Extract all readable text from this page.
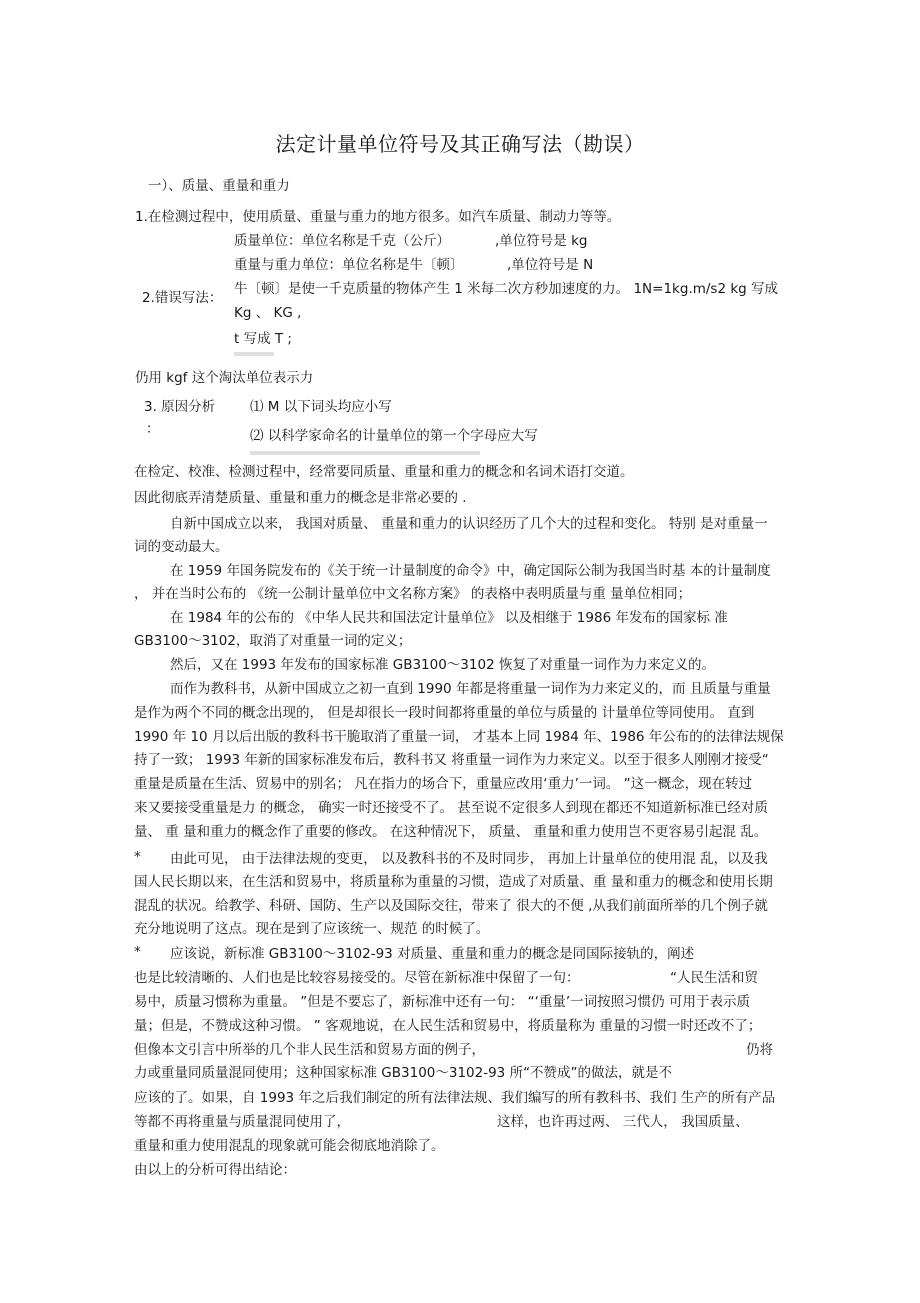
法定计量单位符号及其正确写法（勘误）
一）、质量、重量和重力
1.在检测过程中，使用质量、重量与重力的地方很多。如汽车质量、制动力等等。
质量单位：单位名称是千克（公斤）	,单位符号是 kg
重量与重力单位：单位名称是牛〔顿〕	,单位符号是 N
2.错误写法：
牛〔顿〕是使一千克质量的物体产生 1 米每二次方秒加速度的力。 1N=1kg.m/s2 kg 写成
Kg 、 KG ,
t 写成 T ;
仍用 kgf 这个淘汰单位表示力
3. 原因分析
：
⑴ M 以下词头均应小写
⑵ 以科学家命名的计量单位的第一个字母应大写
在检定、校准、检测过程中，经常要同质量、重量和重力的概念和名词术语打交道。
因此彻底弄清楚质量、重量和重力的概念是非常必要的 .
自新中国成立以来， 我国对质量、 重量和重力的认识经历了几个大的过程和变化。 特别 是对重量一
词的变动最大。
在 1959 年国务院发布的《关于统一计量制度的命令》中，确定国际公制为我国当时基 本的计量制度
， 并在当时公布的 《统一公制计量单位中文名称方案》 的表格中表明质量与重 量单位相同；
在 1984 年的公布的 《中华人民共和国法定计量单位》 以及相继于 1986 年发布的国家标 准
GB3100～3102，取消了对重量一词的定义；
然后，又在 1993 年发布的国家标准 GB3100～3102 恢复了对重量一词作为力来定义的。
而作为教科书，从新中国成立之初一直到 1990 年都是将重量一词作为力来定义的，而 且质量与重量
是作为两个不同的概念出现的， 但是却很长一段时间都将重量的单位与质量的 计量单位等同使用。 直到
1990 年 10 月以后出版的教科书干脆取消了重量一词， 才基本上同 1984 年、1986 年公布的的法律法规保
持了一致； 1993 年新的国家标准发布后，教科书又 将重量一词作为力来定义。以至于很多人刚刚才接受“
重量是质量在生活、贸易中的别名； 凡在指力的场合下，重量应改用‘重力’一词。 ”这一概念，现在转过
来又要接受重量是力 的概念， 确实一时还接受不了。 甚至说不定很多人到现在都还不知道新标准已经对质
量、 重 量和重力的概念作了重要的修改。 在这种情况下， 质量、 重量和重力使用岂不更容易引起混 乱。
* 由此可见， 由于法律法规的变更， 以及教科书的不及时同步， 再加上计量单位的使用混 乱，以及我
国人民长期以来，在生活和贸易中，将质量称为重量的习惯，造成了对质量、重 量和重力的概念和使用长期
混乱的状况。给教学、科研、国防、生产以及国际交往，带来了 很大的不便 ,从我们前面所举的几个例子就
充分地说明了这点。现在是到了应该统一、规范 的时候了。
* 应该说，新标准 GB3100～3102-93 对质量、重量和重力的概念是同国际接轨的，阐述
也是比较清晰的、人们也是比较容易接受的。尽管在新标准中保留了一句：	“人民生活和贸
易中，质量习惯称为重量。 ”但是不要忘了，新标准中还有一句： “‘重量’一词按照习惯仍 可用于表示质
量；但是，不赞成这种习惯。 ” 客观地说，在人民生活和贸易中，将质量称为 重量的习惯一时还改不了；
但像本文引言中所举的几个非人民生活和贸易方面的例子，	仍将
力或重量同质量混同使用；这种国家标准 GB3100～3102-93 所“不赞成”的做法，就是不
应该的了。如果，自 1993 年之后我们制定的所有法律法规、我们编写的所有教科书、我们 生产的所有产品
等都不再将重量与质量混同使用了，	这样，也许再过两、 三代人， 我国质量、
重量和重力使用混乱的现象就可能会彻底地消除了。
由以上的分析可得出结论：
